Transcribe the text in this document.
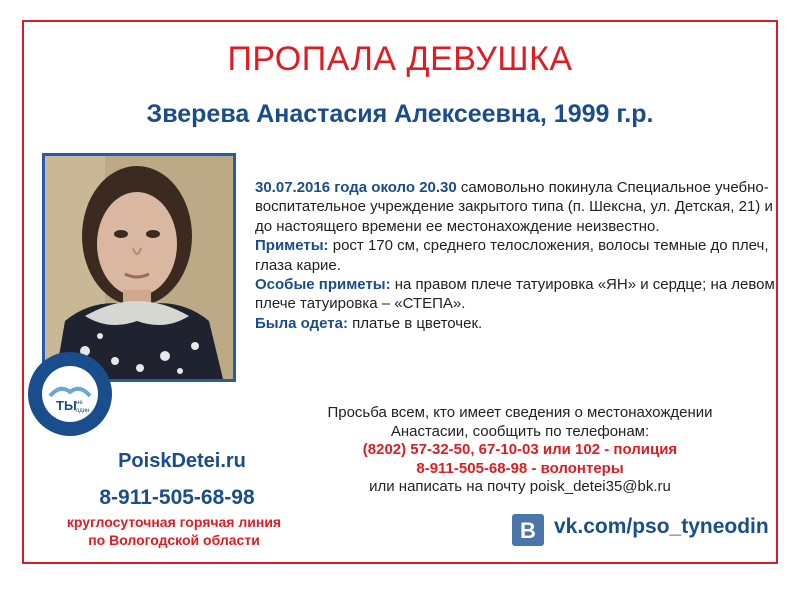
ПРОПАЛА ДЕВУШКА
Зверева Анастасия Алексеевна, 1999 г.р.

30.07.2016 года около 20.30 самовольно покинула Специальное учебно-воспитательное учреждение закрытого типа (п. Шексна, ул. Детская, 21) и до настоящего времени ее местонахождение неизвестно.

Приметы: рост 170 см, среднего телосложения, волосы темные до плеч, глаза карие.

Особые приметы: на правом плече татуировка «ЯН» и сердце; на левом плече татуировка – «СТЕПА».

Была одета: платье в цветочек.

ТЫ не
один
PoiskDetei.ru
8-911-505-68-98
круглосуточная горячая линия
по Вологодской области
Просьба всем, кто имеет сведения о местонахождении
Анастасии, сообщить по телефонам:
(8202) 57-32-50, 67-10-03 или 102 - полиция
8-911-505-68-98 - волонтеры
или написать на почту poisk_detei35@bk.ru
B vk.com/pso_tyneodin
